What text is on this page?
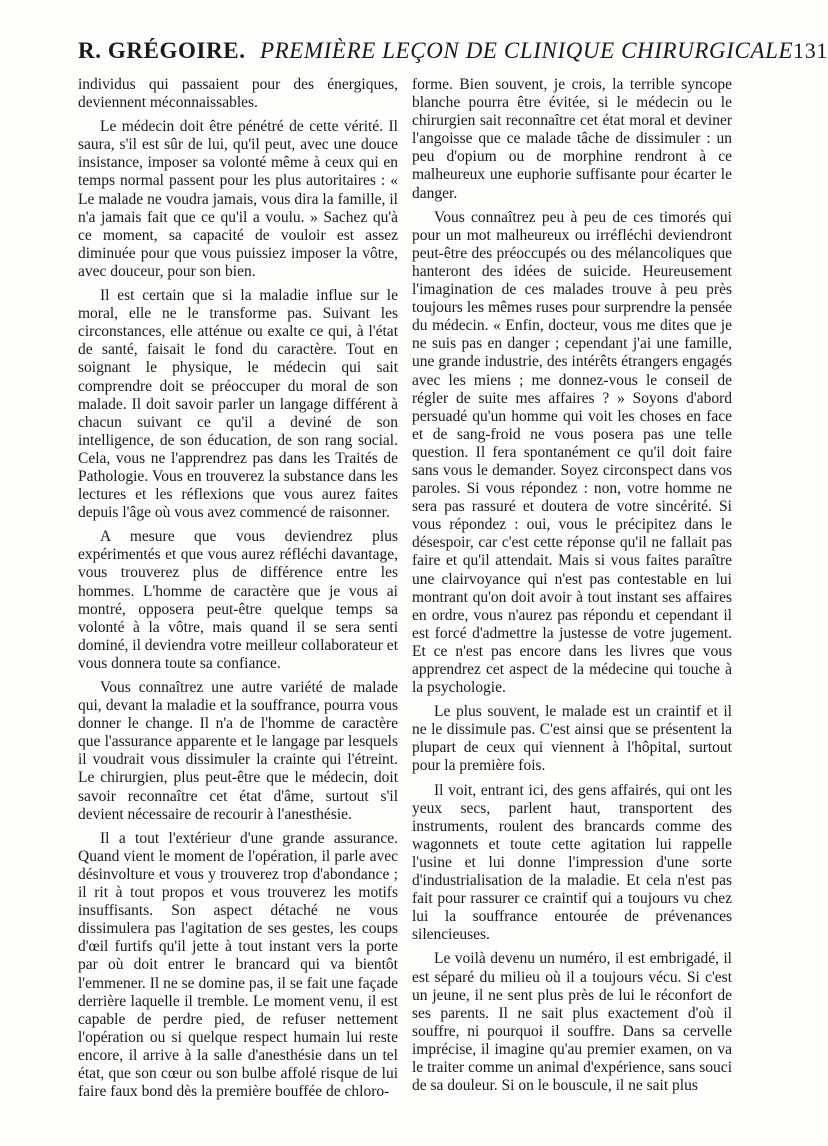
R. GRÉGOIRE. PREMIÈRE LEÇON DE CLINIQUE CHIRURGICALE 131

individus qui passaient pour des énergiques, deviennent méconnaissables.

Le médecin doit être pénétré de cette vérité. Il saura, s'il est sûr de lui, qu'il peut, avec une douce insistance, imposer sa volonté même à ceux qui en temps normal passent pour les plus autoritaires : « Le malade ne voudra jamais, vous dira la famille, il n'a jamais fait que ce qu'il a voulu. » Sachez qu'à ce moment, sa capacité de vouloir est assez diminuée pour que vous puissiez imposer la vôtre, avec douceur, pour son bien.

Il est certain que si la maladie influe sur le moral, elle ne le transforme pas. Suivant les circonstances, elle atténue ou exalte ce qui, à l'état de santé, faisait le fond du caractère. Tout en soignant le physique, le médecin qui sait comprendre doit se préoccuper du moral de son malade. Il doit savoir parler un langage différent à chacun suivant ce qu'il a deviné de son intelligence, de son éducation, de son rang social. Cela, vous ne l'apprendrez pas dans les Traités de Pathologie. Vous en trouverez la substance dans les lectures et les réflexions que vous aurez faites depuis l'âge où vous avez commencé de raisonner.

A mesure que vous deviendrez plus expérimentés et que vous aurez réfléchi davantage, vous trouverez plus de différence entre les hommes. L'homme de caractère que je vous ai montré, opposera peut-être quelque temps sa volonté à la vôtre, mais quand il se sera senti dominé, il deviendra votre meilleur collaborateur et vous donnera toute sa confiance.

Vous connaîtrez une autre variété de malade qui, devant la maladie et la souffrance, pourra vous donner le change. Il n'a de l'homme de caractère que l'assurance apparente et le langage par lesquels il voudrait vous dissimuler la crainte qui l'étreint. Le chirurgien, plus peut-être que le médecin, doit savoir reconnaître cet état d'âme, surtout s'il devient nécessaire de recourir à l'anesthésie.

Il a tout l'extérieur d'une grande assurance. Quand vient le moment de l'opération, il parle avec désinvolture et vous y trouverez trop d'abondance ; il rit à tout propos et vous trouverez les motifs insuffisants. Son aspect détaché ne vous dissimulera pas l'agitation de ses gestes, les coups d'œil furtifs qu'il jette à tout instant vers la porte par où doit entrer le brancard qui va bientôt l'emmener. Il ne se domine pas, il se fait une façade derrière laquelle il tremble. Le moment venu, il est capable de perdre pied, de refuser nettement l'opération ou si quelque respect humain lui reste encore, il arrive à la salle d'anesthésie dans un tel état, que son cœur ou son bulbe affolé risque de lui faire faux bond dès la première bouffée de chloro-

forme. Bien souvent, je crois, la terrible syncope blanche pourra être évitée, si le médecin ou le chirurgien sait reconnaître cet état moral et deviner l'angoisse que ce malade tâche de dissimuler : un peu d'opium ou de morphine rendront à ce malheureux une euphorie suffisante pour écarter le danger.

Vous connaîtrez peu à peu de ces timorés qui pour un mot malheureux ou irréfléchi deviendront peut-être des préoccupés ou des mélancoliques que hanteront des idées de suicide. Heureusement l'imagination de ces malades trouve à peu près toujours les mêmes ruses pour surprendre la pensée du médecin. « Enfin, docteur, vous me dites que je ne suis pas en danger ; cependant j'ai une famille, une grande industrie, des intérêts étrangers engagés avec les miens ; me donnez-vous le conseil de régler de suite mes affaires ? » Soyons d'abord persuadé qu'un homme qui voit les choses en face et de sang-froid ne vous posera pas une telle question. Il fera spontanément ce qu'il doit faire sans vous le demander. Soyez circonspect dans vos paroles. Si vous répondez : non, votre homme ne sera pas rassuré et doutera de votre sincérité. Si vous répondez : oui, vous le précipitez dans le désespoir, car c'est cette réponse qu'il ne fallait pas faire et qu'il attendait. Mais si vous faites paraître une clairvoyance qui n'est pas contestable en lui montrant qu'on doit avoir à tout instant ses affaires en ordre, vous n'aurez pas répondu et cependant il est forcé d'admettre la justesse de votre jugement. Et ce n'est pas encore dans les livres que vous apprendrez cet aspect de la médecine qui touche à la psychologie.

Le plus souvent, le malade est un craintif et il ne le dissimule pas. C'est ainsi que se présentent la plupart de ceux qui viennent à l'hôpital, surtout pour la première fois.

Il voit, entrant ici, des gens affairés, qui ont les yeux secs, parlent haut, transportent des instruments, roulent des brancards comme des wagonnets et toute cette agitation lui rappelle l'usine et lui donne l'impression d'une sorte d'industrialisation de la maladie. Et cela n'est pas fait pour rassurer ce craintif qui a toujours vu chez lui la souffrance entourée de prévenances silencieuses.

Le voilà devenu un numéro, il est embrigadé, il est séparé du milieu où il a toujours vécu. Si c'est un jeune, il ne sent plus près de lui le réconfort de ses parents. Il ne sait plus exactement d'où il souffre, ni pourquoi il souffre. Dans sa cervelle imprécise, il imagine qu'au premier examen, on va le traiter comme un animal d'expérience, sans souci de sa douleur. Si on le bouscule, il ne sait plus
